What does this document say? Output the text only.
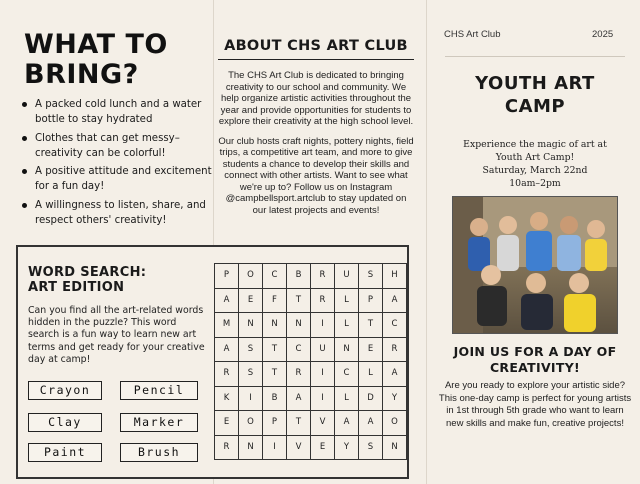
WHAT TO BRING?
A packed cold lunch and a water bottle to stay hydrated
Clothes that can get messy–creativity can be colorful!
A positive attitude and excitement for a fun day!
A willingness to listen, share, and respect others' creativity!
WORD SEARCH:
ART EDITION
Can you find all the art-related words hidden in the puzzle? This word search is a fun way to learn new art terms and get ready for your creative day at camp!
Crayon	Pencil
Clay	Marker
Paint	Brush
P	O	C	B	R	U	S	H
A	E	F	T	R	L	P	A
M	N	N	N	I	L	T	C
A	S	T	C	U	N	E	R
R	S	T	R	I	C	L	A
K	I	B	A	I	L	D	Y
E	O	P	T	V	A	A	O
R	N	I	V	E	Y	S	N
ABOUT CHS ART CLUB

The CHS Art Club is dedicated to bringing creativity to our school and community. We help organize artistic activities throughout the year and provide opportunities for students to explore their creativity at the high school level.

Our club hosts craft nights, pottery nights, field trips, a competitive art team, and more to give students a chance to develop their skills and connect with other artists. Want to see what we're up to? Follow us on Instagram @campbellsport.artclub to stay updated on our latest projects and events!

CHS Art Club	2025
YOUTH ART
CAMP
Experience the magic of art at
Youth Art Camp!
Saturday, March 22nd
10am–2pm
JOIN US FOR A DAY OF
CREATIVITY!
Are you ready to explore your artistic side? This one-day camp is perfect for young artists in 1st through 5th grade who want to learn new skills and make fun, creative projects!
